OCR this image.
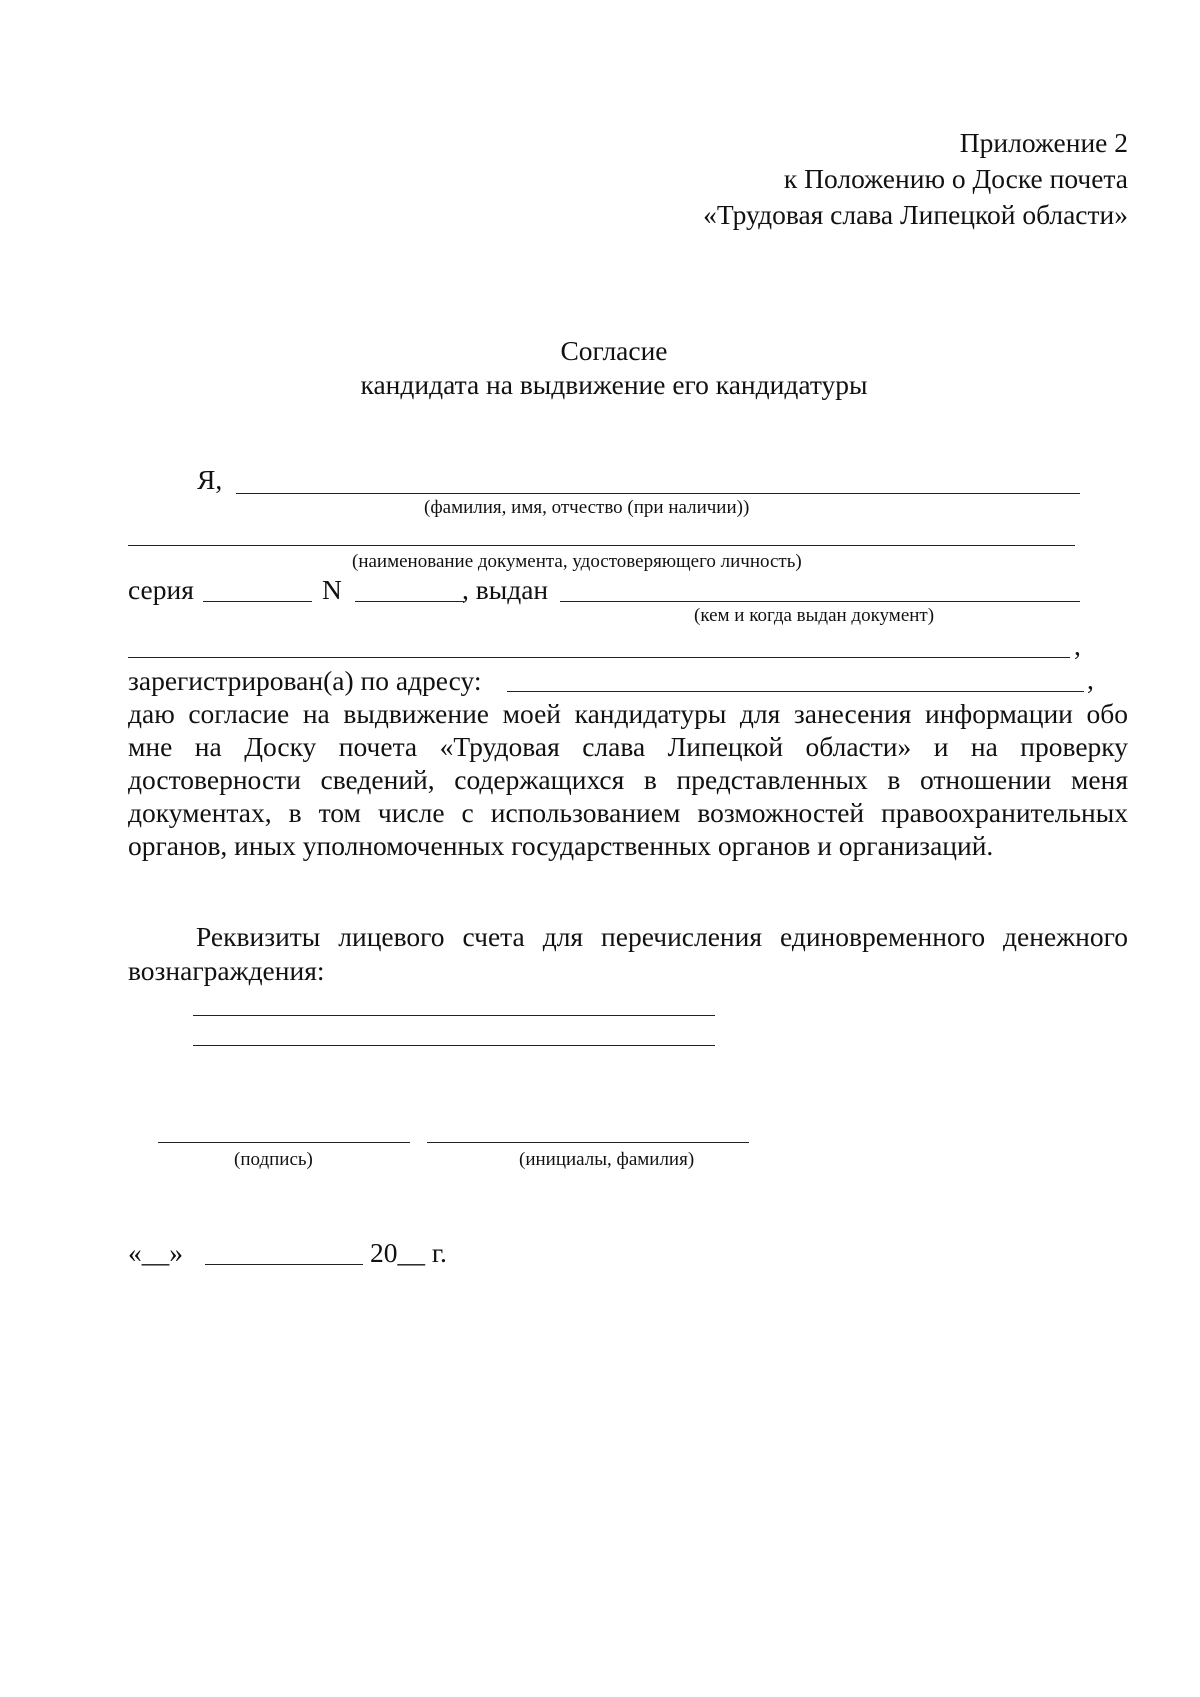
Приложение 2
к Положению о Доске почета
«Трудовая слава Липецкой области»
Согласие
кандидата на выдвижение его кандидатуры
Я,
(фамилия, имя, отчество (при наличии))
(наименование документа, удостоверяющего личность)
серия	N	, выдан
(кем и когда выдан документ)
,
зарегистрирован(а) по адресу:	,
даю согласие на выдвижение моей кандидатуры для занесения информации обо
мне на Доску почета «Трудовая слава Липецкой области» и на проверку
достоверности сведений, содержащихся в представленных в отношении меня
документах, в том числе с использованием возможностей правоохранительных
органов, иных уполномоченных государственных органов и организаций.
Реквизиты лицевого счета для перечисления единовременного денежного
вознаграждения:
(подпись)	(инициалы, фамилия)
«__»	20__ г.
